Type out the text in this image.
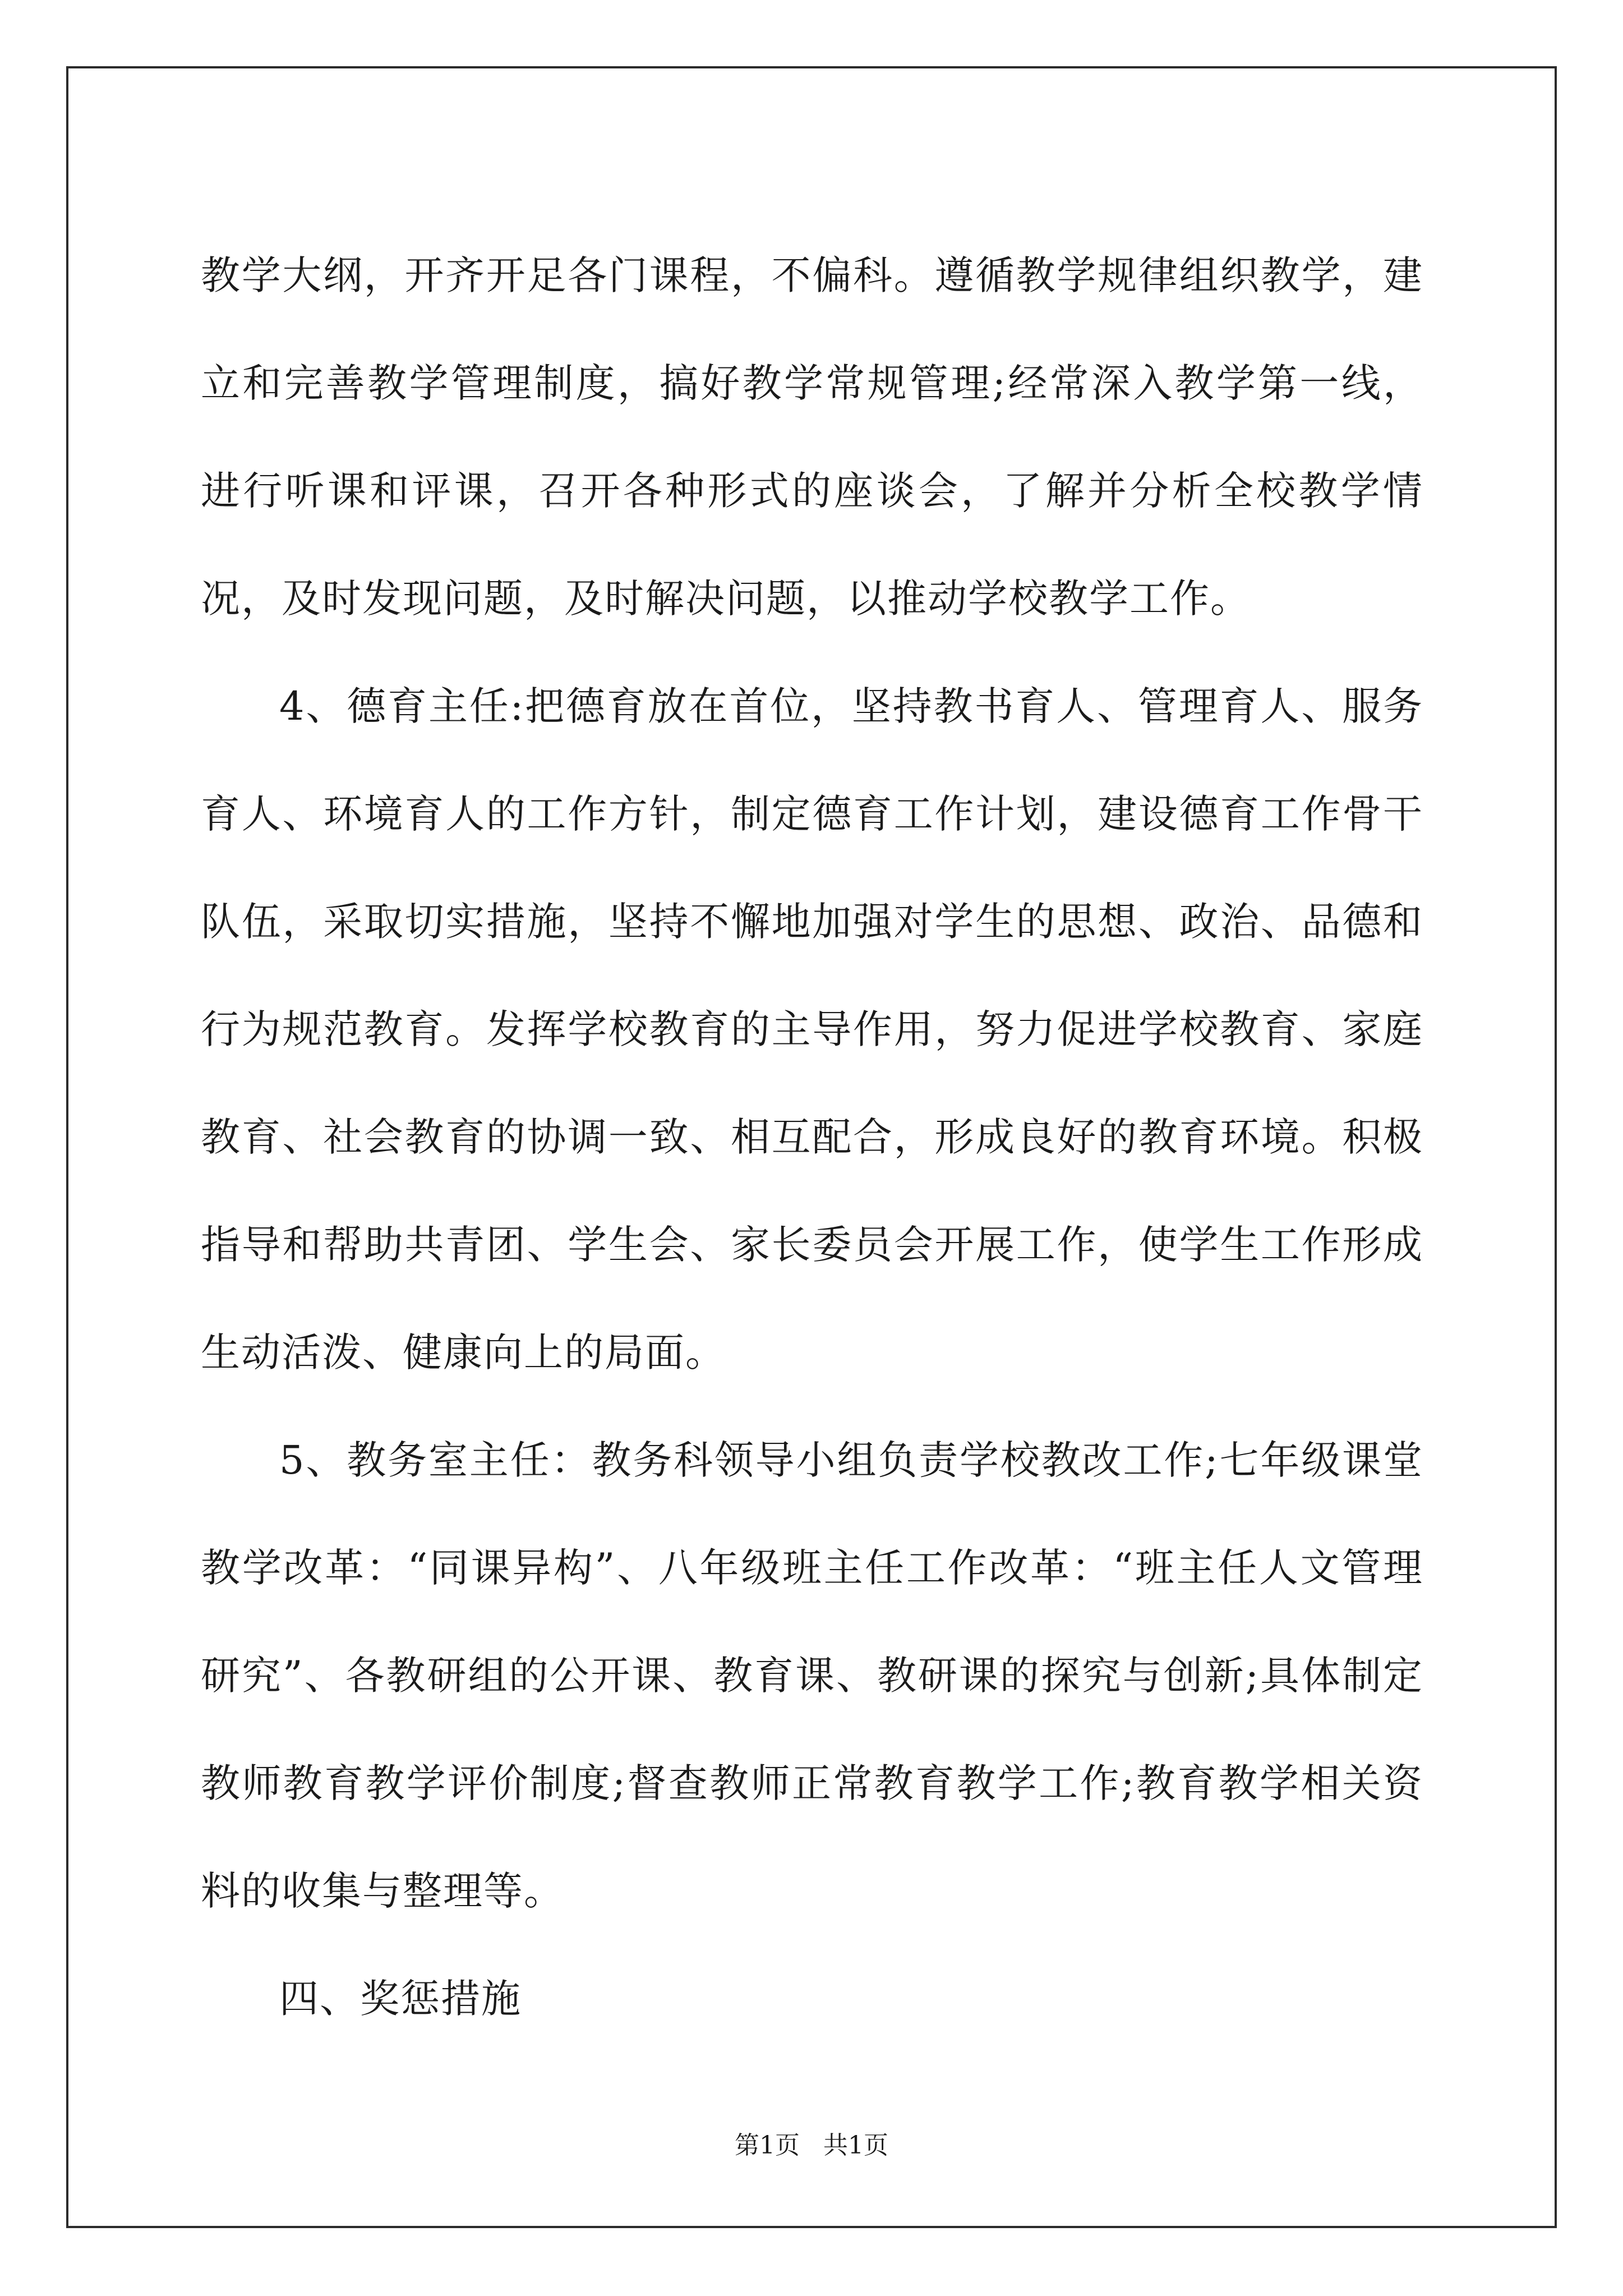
教学大纲，开齐开足各门课程，不偏科。遵循教学规律组织教学，建立和完善教学管理制度，搞好教学常规管理;经常深入教学第一线，进行听课和评课，召开各种形式的座谈会，了解并分析全校教学情况，及时发现问题，及时解决问题，以推动学校教学工作。

4、德育主任:把德育放在首位，坚持教书育人、管理育人、服务育人、环境育人的工作方针，制定德育工作计划，建设德育工作骨干队伍，采取切实措施，坚持不懈地加强对学生的思想、政治、品德和行为规范教育。发挥学校教育的主导作用，努力促进学校教育、家庭教育、社会教育的协调一致、相互配合，形成良好的教育环境。积极指导和帮助共青团、学生会、家长委员会开展工作，使学生工作形成生动活泼、健康向上的局面。

5、教务室主任：教务科领导小组负责学校教改工作;七年级课堂教学改革：“同课异构”、八年级班主任工作改革：“班主任人文管理研究”、各教研组的公开课、教育课、教研课的探究与创新;具体制定教师教育教学评价制度;督查教师正常教育教学工作;教育教学相关资料的收集与整理等。

四、奖惩措施

第1页   共1页
